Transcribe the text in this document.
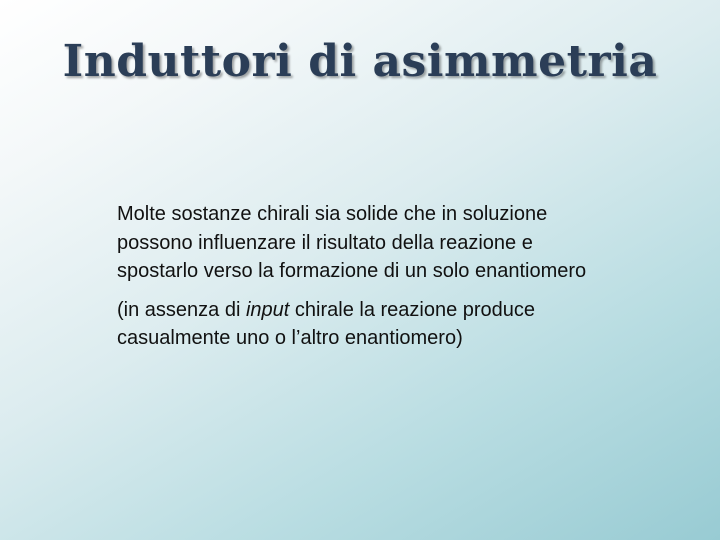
Induttori di asimmetria

Molte sostanze chirali sia solide che in soluzione possono influenzare il risultato della reazione e spostarlo verso la formazione di un solo enantiomero

(in assenza di input chirale la reazione produce casualmente uno o l’altro enantiomero)
